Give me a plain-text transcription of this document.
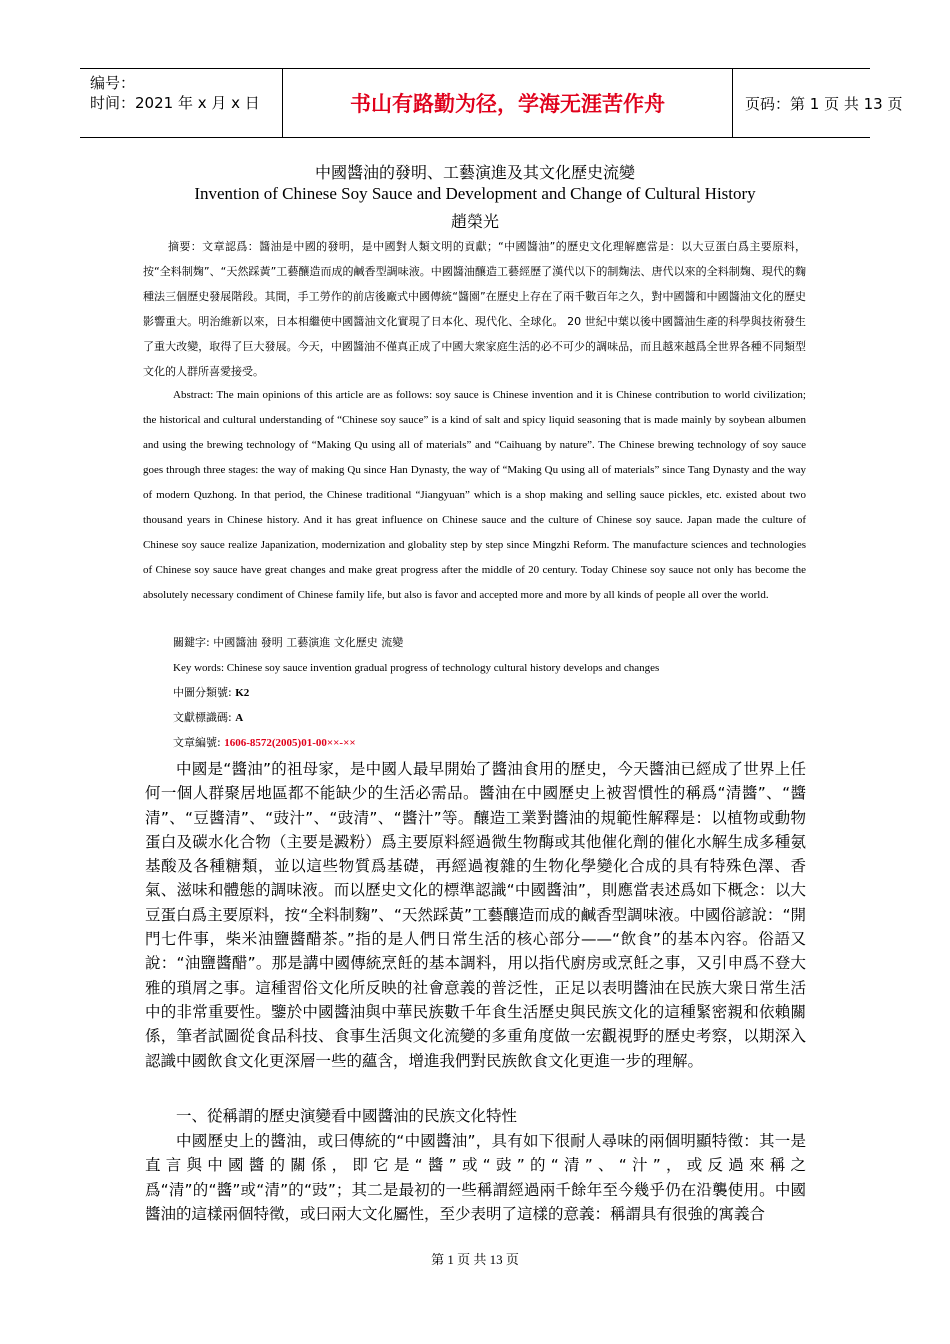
编号：
时间：2021 年 x 月 x 日	书山有路勤为径，学海无涯苦作舟	页码：第 1 页 共 13 页
中國醬油的發明、工藝演進及其文化歷史流變
Invention of Chinese Soy Sauce and Development and Change of Cultural History
趙榮光
摘要：文章認爲：醬油是中國的發明，是中國對人類文明的貢獻；“中國醬油”的歷史文化理解應當是：以大豆蛋白爲主要原料，按“全料制麹”、“天然踩黃”工藝釀造而成的鹹香型調味液。中國醬油釀造工藝經歷了漢代以下的制麹法、唐代以來的全料制麹、現代的麴種法三個歷史發展階段。其間，手工勞作的前店後廠式中國傳統“醬園”在歷史上存在了兩千數百年之久，對中國醬和中國醬油文化的歷史影響重大。明治維新以來，日本相繼使中國醬油文化實現了日本化、現代化、全球化。 20 世紀中葉以後中國醬油生產的科學與技術發生了重大改變，取得了巨大發展。今天，中國醬油不僅真正成了中國大衆家庭生活的必不可少的調味品，而且越來越爲全世界各種不同類型文化的人群所喜愛接受。
Abstract: The main opinions of this article are as follows: soy sauce is Chinese invention and it is Chinese contribution to world civilization; the historical and cultural understanding of “Chinese soy sauce” is a kind of salt and spicy liquid seasoning that is made mainly by soybean albumen and using the brewing technology of “Making Qu using all of materials” and “Caihuang by nature”. The Chinese brewing technology of soy sauce goes through three stages: the way of making Qu since Han Dynasty, the way of “Making Qu using all of materials” since Tang Dynasty and the way of modern Quzhong. In that period, the Chinese traditional “Jiangyuan” which is a shop making and selling sauce pickles, etc. existed about two thousand years in Chinese history. And it has great influence on Chinese sauce and the culture of Chinese soy sauce. Japan made the culture of Chinese soy sauce realize Japanization, modernization and globality step by step since Mingzhi Reform. The manufacture sciences and technologies of Chinese soy sauce have great changes and make great progress after the middle of 20 century. Today Chinese soy sauce not only has become the absolutely necessary condiment of Chinese family life, but also is favor and accepted more and more by all kinds of people all over the world.
關鍵字: 中國醬油 發明 工藝演進 文化歷史 流變
Key words: Chinese soy sauce invention gradual progress of technology cultural history develops and changes
中圖分類號: K2
文獻標識碼: A
文章編號: 1606-8572(2005)01-00××-××
中國是“醬油”的祖母家，是中國人最早開始了醬油食用的歷史，今天醬油已經成了世界上任何一個人群聚居地區都不能缺少的生活必需品。醬油在中國歷史上被習慣性的稱爲“清醬”、“醬清”、“豆醬清”、“豉汁”、“豉清”、“醬汁”等。釀造工業對醬油的規範性解釋是：以植物或動物蛋白及碳水化合物（主要是澱粉）爲主要原料經過微生物酶或其他催化劑的催化水解生成多種氨基酸及各種糖類，並以這些物質爲基礎，再經過複雜的生物化學變化合成的具有特殊色澤、香氣、滋味和體態的調味液。而以歷史文化的標準認識“中國醬油”，則應當表述爲如下概念：以大豆蛋白爲主要原料，按“全料制麴”、“天然踩黃”工藝釀造而成的鹹香型調味液。中國俗諺說：“開門七件事，柴米油鹽醬醋茶。”指的是人們日常生活的核心部分——“飲食”的基本內容。俗語又說：“油鹽醬醋”。那是講中國傳統烹飪的基本調料，用以指代廚房或烹飪之事，又引申爲不登大雅的瑣屑之事。這種習俗文化所反映的社會意義的普泛性，正足以表明醬油在民族大衆日常生活中的非常重要性。鑒於中國醬油與中華民族數千年食生活歷史與民族文化的這種緊密親和依賴關係，筆者試圖從食品科技、食事生活與文化流變的多重角度做一宏觀視野的歷史考察，以期深入認識中國飲食文化更深層一些的蘊含，增進我們對民族飲食文化更進一步的理解。
一、從稱謂的歷史演變看中國醬油的民族文化特性
中國歷史上的醬油，或曰傳統的“中國醬油”，具有如下很耐人尋味的兩個明顯特徵：其一是直言與中國醬的關係，即它是“醬”或“豉”的“清”、“汁”，或反過來稱之爲“清”的“醬”或“清”的“豉”；其二是最初的一些稱謂經過兩千餘年至今幾乎仍在沿襲使用。中國醬油的這樣兩個特徵，或曰兩大文化屬性，至少表明了這樣的意義：稱謂具有很強的寓義合
第 1 页 共 13 页
